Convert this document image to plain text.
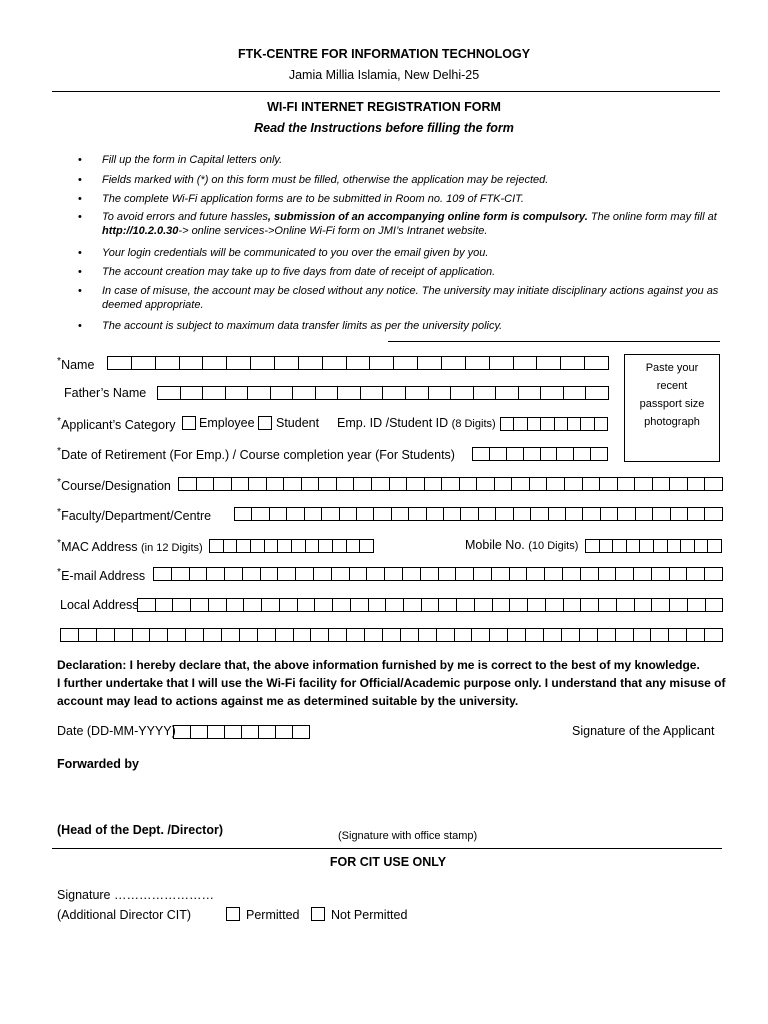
FTK-CENTRE FOR INFORMATION TECHNOLOGY
Jamia Millia Islamia, New Delhi-25
WI-FI INTERNET REGISTRATION FORM
Read the Instructions before filling the form
• Fill up the form in Capital letters only.
• Fields marked with (*) on this form must be filled, otherwise the application may be rejected.
• The complete Wi-Fi application forms are to be submitted in Room no. 109 of FTK-CIT.
• To avoid errors and future hassles, submission of an accompanying online form is compulsory. The online form may fill at
http://10.2.0.30-> online services->Online Wi-Fi form on JMI’s Intranet website.
• Your login credentials will be communicated to you over the email given by you.
• The account creation may take up to five days from date of receipt of application.
• In case of misuse, the account may be closed without any notice. The university may initiate disciplinary actions against you as deemed appropriate.
• The account is subject to maximum data transfer limits as per the university policy.
*Name
Father’s Name
*Applicant’s Category Employee Student Emp. ID /Student ID (8 Digits)
*Date of Retirement (For Emp.) / Course completion year (For Students)
Paste your
recent
passport size
photograph
*Course/Designation
*Faculty/Department/Centre
*MAC Address (in 12 Digits)	Mobile No. (10 Digits)
*E-mail Address
Local Address
Declaration: I hereby declare that, the above information furnished by me is correct to the best of my knowledge.
I further undertake that I will use the Wi-Fi facility for Official/Academic purpose only. I understand that any misuse of
account may lead to actions against me as determined suitable by the university.
Date (DD-MM-YYYY)	Signature of the Applicant
Forwarded by
(Head of the Dept. /Director)	(Signature with office stamp)
FOR CIT USE ONLY
Signature ……………………
(Additional Director CIT)	Permitted	Not Permitted
